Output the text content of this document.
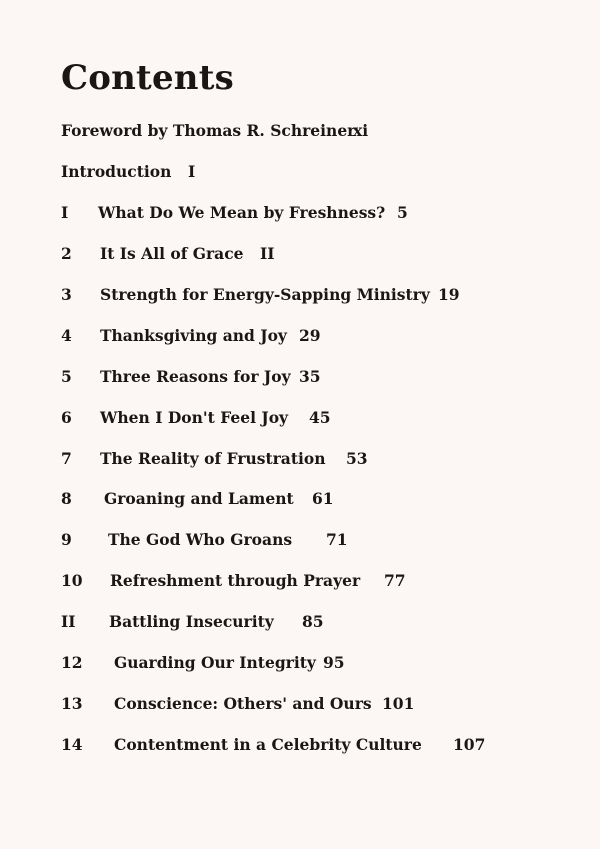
Contents
Foreword by Thomas R. Schreiner
xi
Introduction I
I What Do We Mean by Freshness? 5
2 It Is All of Grace II
3 Strength for Energy-Sapping Ministry 19
4 Thanksgiving and Joy 29
5 Three Reasons for Joy 35
6 When I Don't Feel Joy 45
7 The Reality of Frustration 53
8 Groaning and Lament 61
9 The God Who Groans 71
10 Refreshment through Prayer 77
II Battling Insecurity 85
12 Guarding Our Integrity 95
13 Conscience: Others' and Ours 101
14 Contentment in a Celebrity Culture 107
